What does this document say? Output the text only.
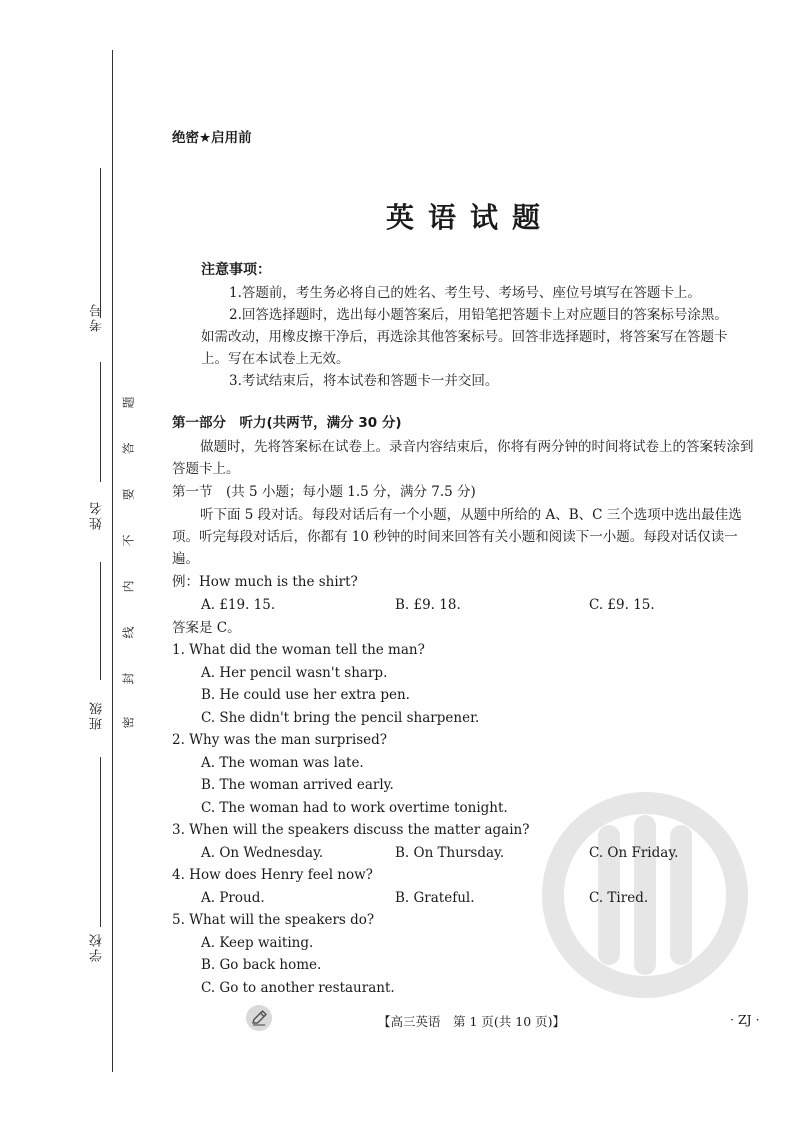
考号
姓名
班级
学校
题
答
要
不
内
线
封
密
绝密★启用前
英语试题
注意事项：
1.答题前，考生务必将自己的姓名、考生号、考场号、座位号填写在答题卡上。
2.回答选择题时，选出每小题答案后，用铅笔把答题卡上对应题目的答案标号涂黑。如需改动，用橡皮擦干净后，再选涂其他答案标号。回答非选择题时，将答案写在答题卡上。写在本试卷上无效。
3.考试结束后，将本试卷和答题卡一并交回。
第一部分　听力(共两节，满分 30 分)
做题时，先将答案标在试卷上。录音内容结束后，你将有两分钟的时间将试卷上的答案转涂到答题卡上。
第一节　(共 5 小题；每小题 1.5 分，满分 7.5 分)
听下面 5 段对话。每段对话后有一个小题，从题中所给的 A、B、C 三个选项中选出最佳选项。听完每段对话后，你都有 10 秒钟的时间来回答有关小题和阅读下一小题。每段对话仅读一遍。
例：How much is the shirt?
A. £19. 15.	B. £9. 18.	C. £9. 15.
答案是 C。
1. What did the woman tell the man?
A. Her pencil wasn't sharp.
B. He could use her extra pen.
C. She didn't bring the pencil sharpener.
2. Why was the man surprised?
A. The woman was late.
B. The woman arrived early.
C. The woman had to work overtime tonight.
3. When will the speakers discuss the matter again?
A. On Wednesday.	B. On Thursday.	C. On Friday.
4. How does Henry feel now?
A. Proud.	B. Grateful.	C. Tired.
5. What will the speakers do?
A. Keep waiting.
B. Go back home.
C. Go to another restaurant.
【高三英语　第 1 页(共 10 页)】	· ZJ ·
